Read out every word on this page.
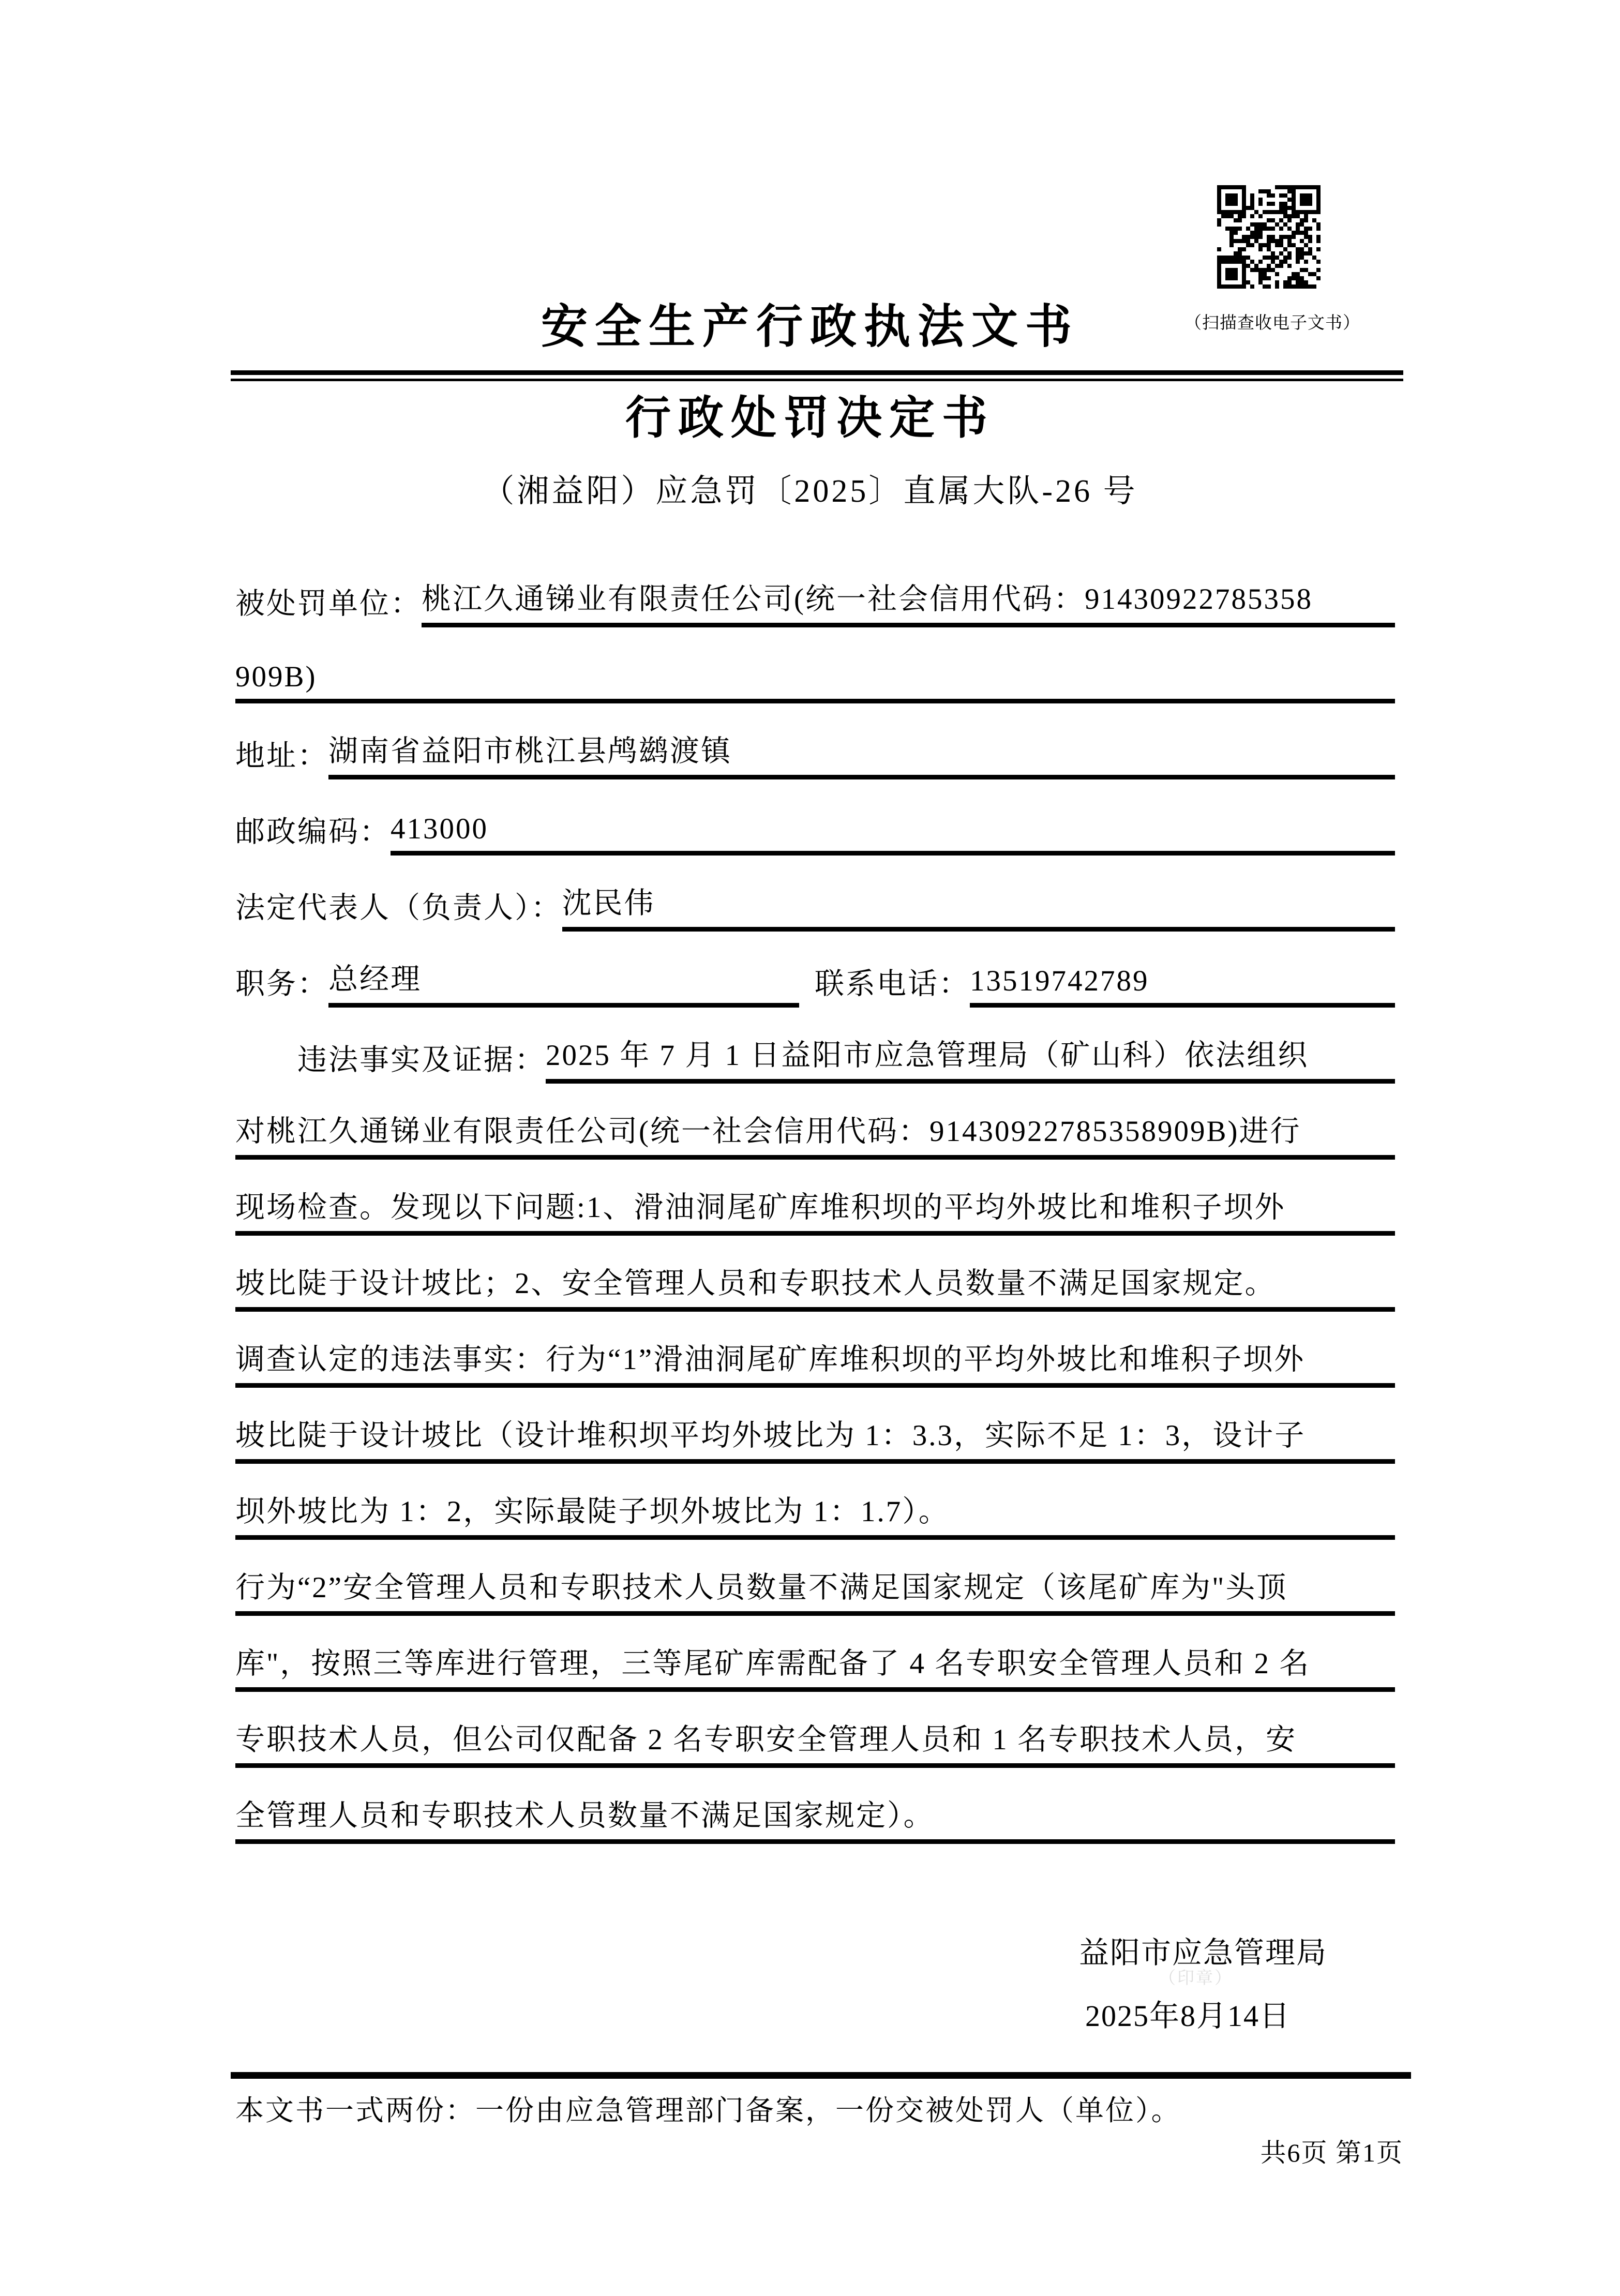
（扫描查收电子文书）
安全生产行政执法文书
行政处罚决定书
（湘益阳）应急罚〔2025〕直属大队-26 号
被处罚单位： 桃江久通锑业有限责任公司(统一社会信用代码：91430922785358
909B)
地址： 湖南省益阳市桃江县鸬鹚渡镇
邮政编码： 413000
法定代表人（负责人）： 沈民伟
职务： 总经理	联系电话： 13519742789
违法事实及证据： 2025 年 7 月 1 日益阳市应急管理局（矿山科）依法组织
对桃江久通锑业有限责任公司(统一社会信用代码：91430922785358909B)进行
现场检查。发现以下问题:1、滑油洞尾矿库堆积坝的平均外坡比和堆积子坝外
坡比陡于设计坡比；2、安全管理人员和专职技术人员数量不满足国家规定。
调查认定的违法事实：行为“1”滑油洞尾矿库堆积坝的平均外坡比和堆积子坝外
坡比陡于设计坡比（设计堆积坝平均外坡比为 1：3.3，实际不足 1：3，设计子
坝外坡比为 1：2，实际最陡子坝外坡比为 1：1.7）。
行为“2”安全管理人员和专职技术人员数量不满足国家规定（该尾矿库为"头顶
库"，按照三等库进行管理，三等尾矿库需配备了 4 名专职安全管理人员和 2 名
专职技术人员，但公司仅配备 2 名专职安全管理人员和 1 名专职技术人员，安
全管理人员和专职技术人员数量不满足国家规定）。
益阳市应急管理局
（印章）
2025年8月14日
本文书一式两份：一份由应急管理部门备案，一份交被处罚人（单位）。
共6页 第1页
